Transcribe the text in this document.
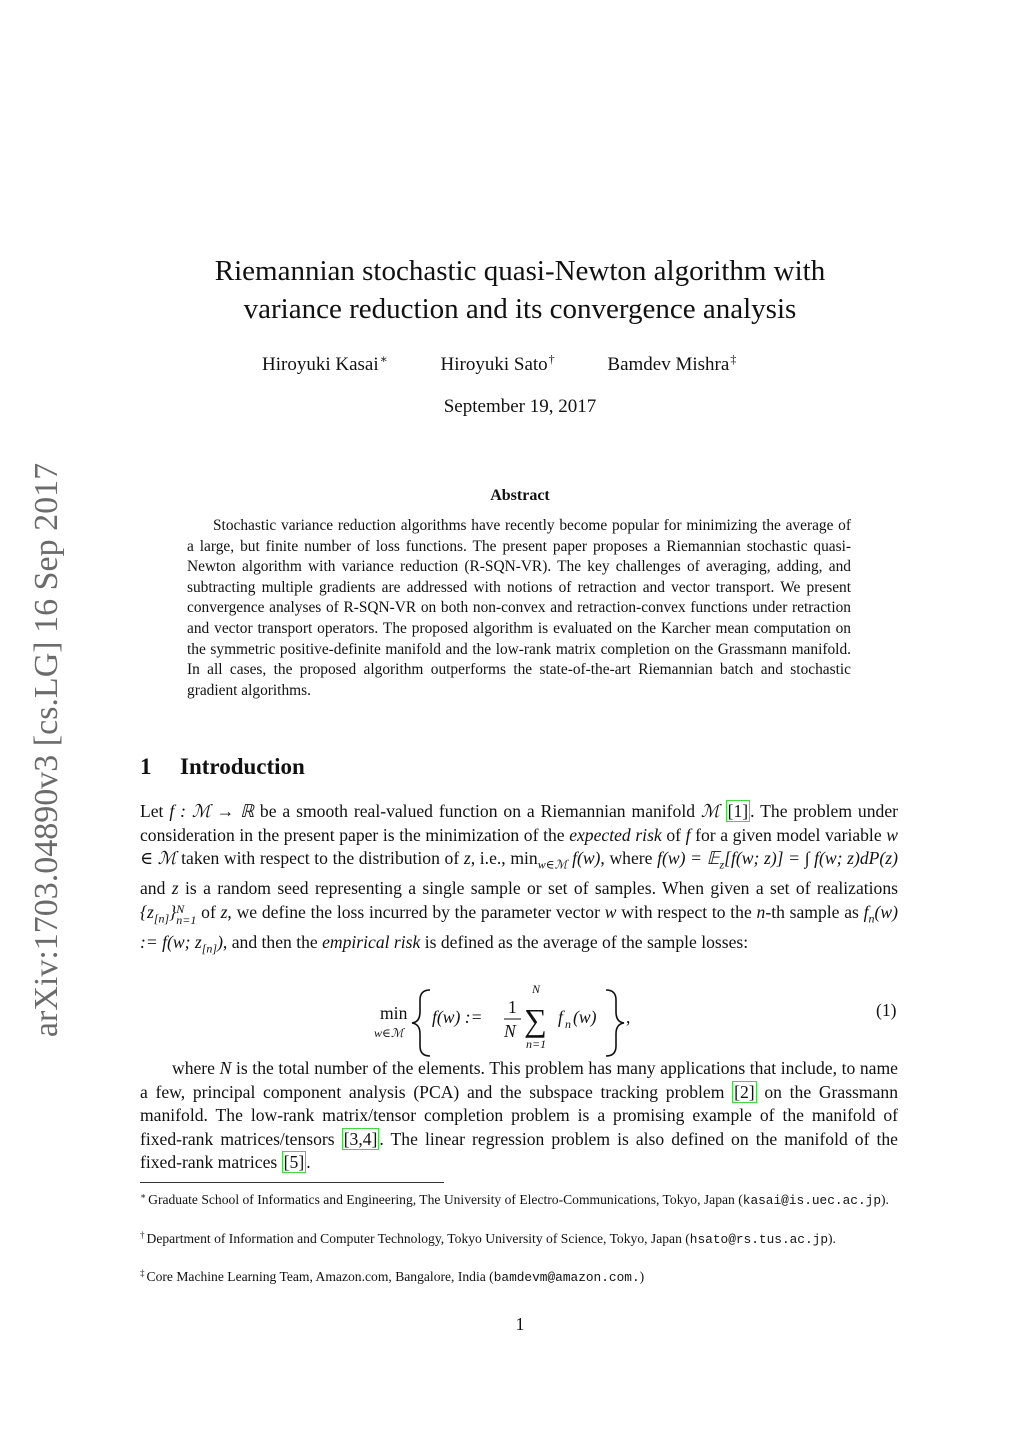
arXiv:1703.04890v3 [cs.LG] 16 Sep 2017
Riemannian stochastic quasi-Newton algorithm with
variance reduction and its convergence analysis
Hiroyuki Kasai∗	Hiroyuki Sato†	Bamdev Mishra‡
September 19, 2017
Abstract
Stochastic variance reduction algorithms have recently become popular for minimizing the average of a large, but finite number of loss functions. The present paper proposes a Riemannian stochastic quasi-Newton algorithm with variance reduction (R-SQN-VR). The key challenges of averaging, adding, and subtracting multiple gradients are addressed with notions of retraction and vector transport. We present convergence analyses of R-SQN-VR on both non-convex and retraction-convex functions under retraction and vector transport operators. The proposed algorithm is evaluated on the Karcher mean computation on the symmetric positive-definite manifold and the low-rank matrix completion on the Grassmann manifold. In all cases, the proposed algorithm outperforms the state-of-the-art Riemannian batch and stochastic gradient algorithms.
1 Introduction
Let f : ℳ → ℝ be a smooth real-valued function on a Riemannian manifold ℳ [1] . The problem under consideration in the present paper is the minimization of the expected risk of f for a given model variable w ∈ ℳ taken with respect to the distribution of z, i.e., $\min_{w\in ℳ} f(w)$, where f(w) = 𝔼$_z$[f(w; z)] = ∫ f(w; z)dP(z) and z is a random seed representing a single sample or set of samples. When given a set of realizations $\{z_{[n]}\}$ N
n=1 of z, we define the loss incurred by the parameter vector w with respect to the n-th sample as $f_n(w)$ := f(w; $z_{[n]}$), and then the empirical risk is defined as the average of the sample losses:
min
w∈ℳ
f(w) := 1
N
N
∑
n=1
f n (w) ,	(1)
where N is the total number of the elements. This problem has many applications that include, to name a few, principal component analysis (PCA) and the subspace tracking problem [2] on the Grassmann manifold. The low-rank matrix/tensor completion problem is a promising example of the manifold of fixed-rank matrices/tensors [3,4] . The linear regression problem is also defined on the manifold of the fixed-rank matrices [5] .
∗ Graduate School of Informatics and Engineering, The University of Electro-Communications, Tokyo, Japan (kasai@is.uec.ac.jp).
† Department of Information and Computer Technology, Tokyo University of Science, Tokyo, Japan (hsato@rs.tus.ac.jp).
‡ Core Machine Learning Team, Amazon.com, Bangalore, India (bamdevm@amazon.com.)
1
